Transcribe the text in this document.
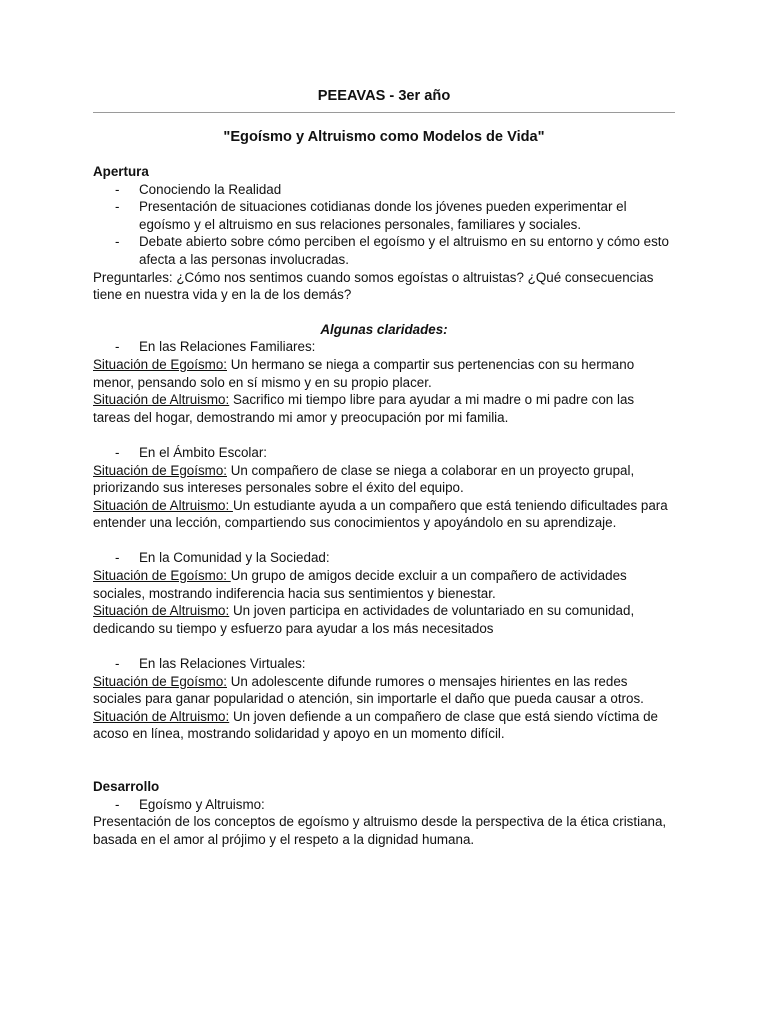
PEEAVAS - 3er año
"Egoísmo y Altruismo como Modelos de Vida"

Apertura

- Conociendo la Realidad
- Presentación de situaciones cotidianas donde los jóvenes pueden experimentar el egoísmo y el altruismo en sus relaciones personales, familiares y sociales.
- Debate abierto sobre cómo perciben el egoísmo y el altruismo en su entorno y cómo esto afecta a las personas involucradas.

Preguntarles: ¿Cómo nos sentimos cuando somos egoístas o altruistas? ¿Qué consecuencias tiene en nuestra vida y en la de los demás?

Algunas claridades:

- En las Relaciones Familiares:

Situación de Egoísmo: Un hermano se niega a compartir sus pertenencias con su hermano menor, pensando solo en sí mismo y en su propio placer.

Situación de Altruismo: Sacrifico mi tiempo libre para ayudar a mi madre o mi padre con las tareas del hogar, demostrando mi amor y preocupación por mi familia.

- En el Ámbito Escolar:

Situación de Egoísmo: Un compañero de clase se niega a colaborar en un proyecto grupal, priorizando sus intereses personales sobre el éxito del equipo.

Situación de Altruismo: Un estudiante ayuda a un compañero que está teniendo dificultades para entender una lección, compartiendo sus conocimientos y apoyándolo en su aprendizaje.

- En la Comunidad y la Sociedad:

Situación de Egoísmo: Un grupo de amigos decide excluir a un compañero de actividades sociales, mostrando indiferencia hacia sus sentimientos y bienestar.

Situación de Altruismo: Un joven participa en actividades de voluntariado en su comunidad, dedicando su tiempo y esfuerzo para ayudar a los más necesitados

- En las Relaciones Virtuales:

Situación de Egoísmo: Un adolescente difunde rumores o mensajes hirientes en las redes sociales para ganar popularidad o atención, sin importarle el daño que pueda causar a otros.

Situación de Altruismo: Un joven defiende a un compañero de clase que está siendo víctima de acoso en línea, mostrando solidaridad y apoyo en un momento difícil.

Desarrollo

- Egoísmo y Altruismo:

Presentación de los conceptos de egoísmo y altruismo desde la perspectiva de la ética cristiana, basada en el amor al prójimo y el respeto a la dignidad humana.
